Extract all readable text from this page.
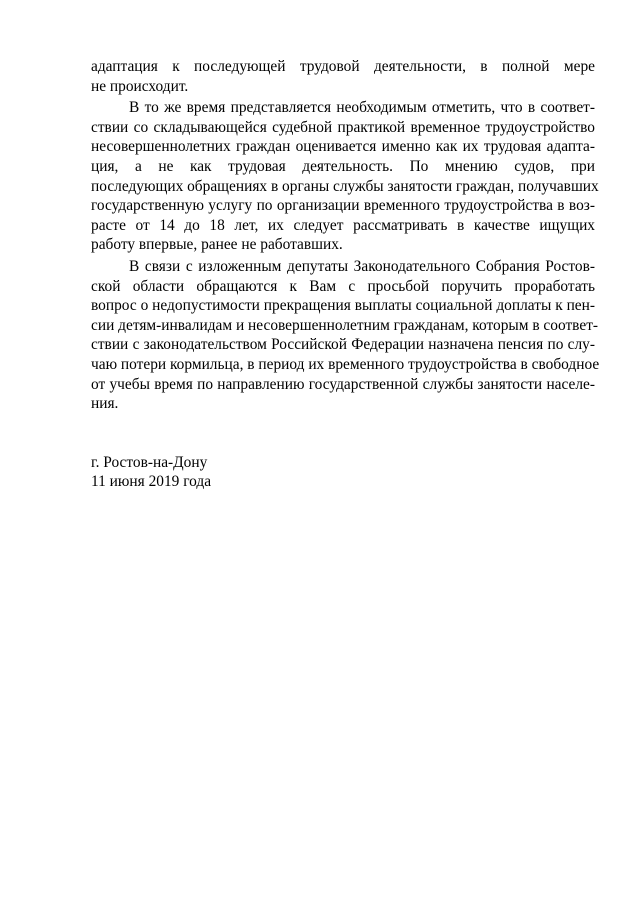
адаптация к последующей трудовой деятельности, в полной мере
не происходит.
В то же время представляется необходимым отметить, что в соответ-
ствии со складывающейся судебной практикой временное трудоустройство
несовершеннолетних граждан оценивается именно как их трудовая адапта-
ция, а не как трудовая деятельность. По мнению судов, при
последующих обращениях в органы службы занятости граждан, получавших
государственную услугу по организации временного трудоустройства в воз-
расте от 14 до 18 лет, их следует рассматривать в качестве ищущих
работу впервые, ранее не работавших.
В связи с изложенным депутаты Законодательного Собрания Ростов-
ской области обращаются к Вам с просьбой поручить проработать
вопрос о недопустимости прекращения выплаты социальной доплаты к пен-
сии детям-инвалидам и несовершеннолетним гражданам, которым в соответ-
ствии с законодательством Российской Федерации назначена пенсия по слу-
чаю потери кормильца, в период их временного трудоустройства в свободное
от учебы время по направлению государственной службы занятости населе-
ния.
г. Ростов-на-Дону
11 июня 2019 года
